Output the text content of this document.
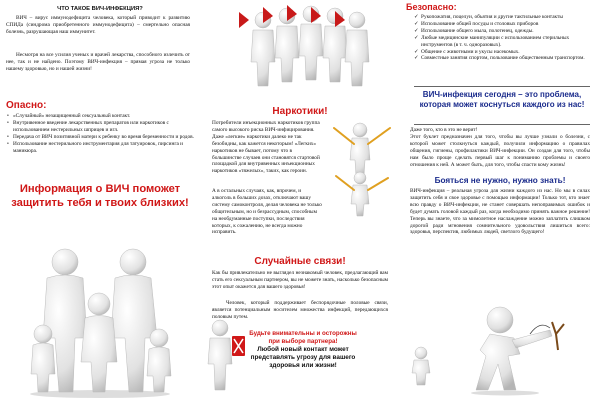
ЧТО ТАКОЕ ВИЧ-ИНФЕКЦИЯ?

ВИЧ – вирус иммунодефицита человека, который приводит к развитию СПИДа (синдрома приобретенного иммунодефицита) – смертельно опасная болезнь, разрушающая наш иммунитет.

Несмотря на все усилия ученых и врачей лекарства, способного излечить от нее, так и не найдено. Поэтому ВИЧ-инфекция – прямая угроза не только нашему здоровью, но и нашей жизни!

Опасно:
• «Случайный» незащищенный сексуальный контакт.
• Внутривенное введение лекарственных препаратов или наркотиков с использованием нестерильных шприцев и игл.
• Передача от ВИЧ позитивной матери к ребенку во время беременности и родов.
• Использование нестерильного инструментария для татуировок, пирсинга и маникюра.
Информация о ВИЧ поможет защитить тебя и твоих близких!
Наркотики!

Потребители инъекционных наркотиков группа самого высокого риска ВИЧ-инфицирования. Даже «легкие» наркотики далеко не так безобидны, как кажется некоторым! «Легких» наркотиков не бывает, потому что в большинстве случаев они становятся стартовой площадкой для внутривенных инъекционных наркотиков «тяжелых», таких, как героин.

А в остальных случаях, как, впрочем, и алкоголь в больших дозах, отключают вашу систему самоконтроля, делая человека не только общительным, но и безрассудным, способным на необдуманные поступки, последствия которых, к сожалению, не всегда можно исправить.

Случайные связи!

Как бы привлекательно не выглядел незнакомый человек, предлагающий вам стать его сексуальным партнером, вы не можете знать, насколько безопасным этот опыт окажется для вашего здоровья!

Человек, который поддерживает беспорядочные половые связи, является потенциальным носителем множества инфекций, передающихся половым путем.

Будьте внимательны и осторожны при выборе партнера!
Любой новый контакт может представлять угрозу для вашего здоровья или жизни!
Безопасно:
✓ Рукопожатия, поцелуи, объятия и другие тактильные контакты
✓ Использование общей посуды и столовых приборов
✓ Использование общего мыла, полотенец, одежды.
✓ Любые медицинские манипуляции с использованием стерильных инструментов (в т. ч. одноразовых).
✓ Общение с животными и укусы насекомых.
✓ Совместные занятия спортом, пользование общественным транспортом.
ВИЧ-инфекция сегодня – это проблема, которая может коснуться каждого из нас!

Даже того, кто в это не верит!

Этот буклет предназначен для того, чтобы вы лучше узнали о болезни, с которой может столкнуться каждый, получили информацию о правилах общения, гигиены, профилактики ВИЧ-инфекции. Он создан для того, чтобы нам было проще сделать первый шаг к пониманию проблемы и своего отношения к ней. А может быть, для того, чтобы спасти кому жизнь!

Бояться не нужно, нужно знать!

ВИЧ-инфекция – реальная угроза для жизни каждого из нас. Но мы в силах защитить себя и свое здоровье с помощью информации! Только тот, кто знает всю правду о ВИЧ-инфекции, не станет совершать непоправимых ошибок и будет думать головой каждый раз, когда необходимо принять важное решение! Теперь вы знаете, что за мимолетное наслаждение можно заплатить слишком дорогой ради мгновения сомнительного удовольствия лишиться всего: здоровья, перспектив, любимых людей, светлого будущего!
